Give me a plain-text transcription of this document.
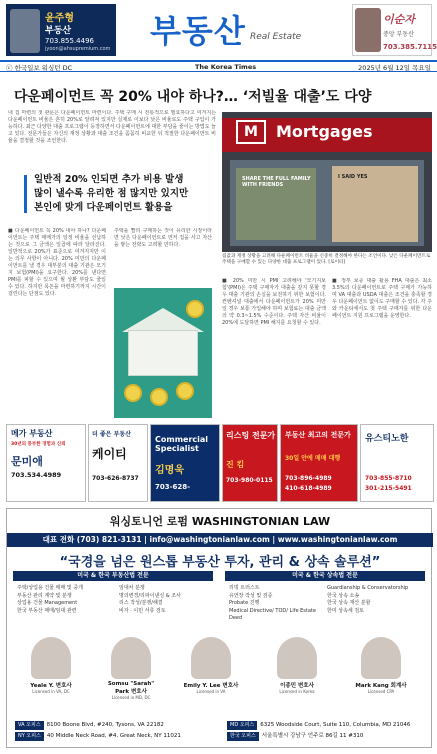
윤주형
부동산
703.855.4496
jyoon@ahsupremium.com 부동산 Real Estate
이순자
중앙 부동산
703.385.7115
ⓒ 한국일보 워싱턴 DC	The Korea Times	2025년 6월 12일 목요일
다운페이먼트 꼭 20% 내야 하나?… ‘저빌율 대출’도 다양
내 집 마련의 첫 관문은 다운페이먼트 마련이다. 주택 구매 시 전통적으로 필요하다고 여겨지는 다운페이먼트 비율은 흔히 20%로 알려져 있지만 실제로 이보다 낮은 비율로도 주택 구입이 가능하다. 최근 다양한 대출 프로그램이 등장하면서 다운페이먼트에 대한 부담을 줄이는 방법도 늘고 있다. 전문가들은 자신의 재정 상황과 대출 조건을 꼼꼼히 비교한 뒤 적절한 다운페이먼트 비율을 결정할 것을 조언한다.
일반적 20% 인되면 추가 비용 발생
많이 낼수록 유리한 점 많지만 있지만
본인에 맞게 다운페이먼트 활용을
■ 다운페이먼트 꼭 20% 내야 하나? 다운페이먼트는 주택 매매가의 일정 비율을 선납하는 것으로 그 금액은 일곱에 따라 달라진다. 일반적으로 20%가 표준으로 여겨지지만 이는 의무 사항이 아니다. 20% 미만의 다운페이먼트를 낼 경우 대부분의 대출 기관은 모기지 보험(PMI)을 요구한다. 20%를 낸다면 PMI를 피할 수 있으며 월 상환 부담도 줄일 수 있다. 하지만 목돈을 마련하기까지 시간이 걸린다는 단점도 있다.
주택을 빨리 구매하는 것이 유리한 시장이라면 낮은 다운페이먼트로 먼저 집을 사고 자산을 쌓는 전략도 고려할 만하다.
■ 20% 미만 시 PMI 고려해야 '모기지보험'(PMI)은 주택 구매자가 대출을 갚지 못할 경우 대출 기관의 손실을 보전하기 위한 보험이다. 컨벤셔널 대출에서 다운페이먼트가 20% 미만일 경우 보통 가입해야 하며 보험료는 대출 금액의 약 0.3~1.5% 수준이다. 주택 자산 비율이 20%에 도달하면 PMI 해지를 요청할 수 있다.
■ 정부 보증 대출 활용 FHA 대출은 최소 3.5%의 다운페이먼트로 주택 구매가 가능하며 VA 대출과 USDA 대출은 조건을 충족할 경우 다운페이먼트 없이도 구매할 수 있다. 각 주와 카운티에서도 첫 주택 구매자를 위한 다운페이먼트 지원 프로그램을 운영한다.
M	Mortgages
SHARE THE FULL FAMILY WITH FRIENDS
I SAID YES
집값과 재정 상황을 고려해 다운페이먼트 비율을 신중히 결정해야 한다는 조언이다. 낮은 다운페이먼트로 주택을 구매할 수 있는 다양한 대출 프로그램이 있다. [로이터]
메가 부동산
30년의 풍부한 경험과 신뢰
문미애
703.534.4989
더 좋은 부동산
케이티
703-626-8737
Commercial Specialist
김명욱
703-628-
리스팅 전문가
진 킴
703-980-0115
부동산 최고의 전문가
30일 안에 매매 대행
703-896-4989
410-618-4989
유스티노한
703-855-8710
301-215-5491
워싱토니언 로펌 WASHINGTONIAN LAW
대표 전화 (703) 821-3131 | info@washingtonianlaw.com | www.washingtonianlaw.com
“국경을 넘은 원스톱 부동산 투자, 관리 & 상속 솔루션”
미국 & 한국 부동산법 전문	미국 & 한국 상속법 전문
주택/상업용 건물 매매 및 중개
부동산 관리 계약 및 분쟁
상업용 건물 Management
한국 부동산 매매/임대 관련
임대차 분쟁
명의변경/리파이낸싱 & 조사
리스 작성/분쟁/해결
비자 · 이민 서류 검토
리빙 트러스트
유언장 작성 및 검증
Probate 진행
Medical Directive/ TOD/ Life Estate Deed
Guardianship & Conservatorship
한국 상속 소송
한국 상속 재산 분할
한미 상속세 검토
Yeale Y. 변호사
Licensed in VA, DC
Somsu "Sarah" Park 변호사
Licensed in MD, DC
Emily Y. Lee 변호사
Licensed in VA
이종민 변호사
Licensed in Korea
Mark Kang 회계사
Licensed CPA
VA 오피스 8100 Boone Blvd, #240, Tysons, VA 22182
NY 오피스 40 Middle Neck Road, #4, Great Neck, NY 11021
MD 오피스 6325 Woodside Court, Suite 110, Columbia, MD 21046
한국 오피스 서울특별시 강남구 언주로 86길 11 #310
